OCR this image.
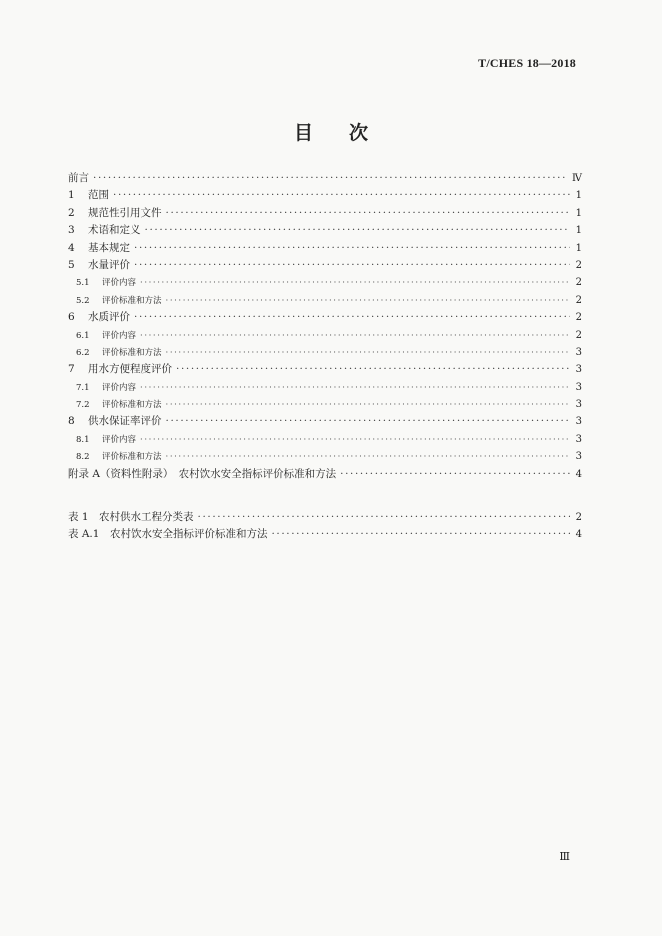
T/CHES 18—2018
目次
前言 ·····	Ⅳ
1	范围 ·····	1
2	规范性引用文件 ·····	1
3	术语和定义 ·····	1
4	基本规定 ·····	1
5	水量评价 ·····	2
5.1	评价内容 ·····	2
5.2	评价标准和方法 ·····	2
6	水质评价 ·····	2
6.1	评价内容 ·····	2
6.2	评价标准和方法 ·····	3
7	用水方便程度评价 ·····	3
7.1	评价内容 ·····	3
7.2	评价标准和方法 ·····	3
8	供水保证率评价 ·····	3
8.1	评价内容 ·····	3
8.2	评价标准和方法 ·····	3
附录 A（资料性附录）　农村饮水安全指标评价标准和方法 ·····	4
表 1　农村供水工程分类表 ·····	2
表 A.1　农村饮水安全指标评价标准和方法 ·····	4
Ⅲ
